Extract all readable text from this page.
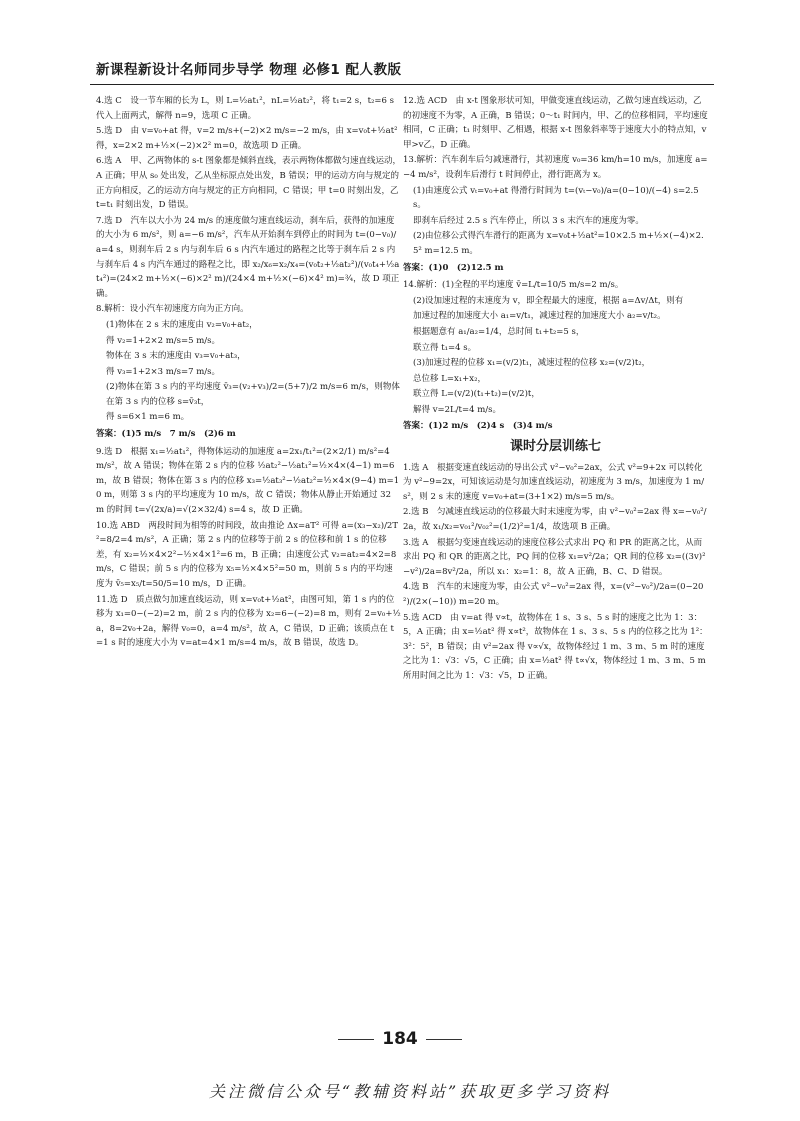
新课程新设计名师同步导学 物理 必修1 配人教版

4.选 C　设一节车厢的长为 L，则 L=½at₁²，nL=½at₂²，将 t₁=2 s，t₂=6 s 代入上面两式，解得 n=9，选项 C 正确。

5.选 D　由 v=v₀+at 得，v=2 m/s+(−2)×2 m/s=−2 m/s，由 x=v₀t+½at² 得，x=2×2 m+½×(−2)×2² m=0，故选项 D 正确。

6.选 A　甲、乙两物体的 s-t 图象都是倾斜直线，表示两物体都做匀速直线运动，A 正确；甲从 s₀ 处出发，乙从坐标原点处出发，B 错误；甲的运动方向与规定的正方向相反，乙的运动方向与规定的正方向相同，C 错误；甲 t=0 时刻出发，乙 t=t₁ 时刻出发，D 错误。

7.选 D　汽车以大小为 24 m/s 的速度做匀速直线运动，刹车后，获得的加速度的大小为 6 m/s²，则 a=−6 m/s²，汽车从开始刹车到停止的时间为 t=(0−v₀)/a=4 s，则刹车后 2 s 内与刹车后 6 s 内汽车通过的路程之比等于刹车后 2 s 内与刹车后 4 s 内汽车通过的路程之比，即 x₂/x₆=x₂/x₄=(v₀t₂+½at₂²)/(v₀t₄+½at₄²)=(24×2 m+½×(−6)×2² m)/(24×4 m+½×(−6)×4² m)=¾，故 D 项正确。

8.解析：设小汽车初速度方向为正方向。

(1)物体在 2 s 末的速度由 v₂=v₀+at₂，

得 v₂=1+2×2 m/s=5 m/s。

物体在 3 s 末的速度由 v₃=v₀+at₃，

得 v₃=1+2×3 m/s=7 m/s。

(2)物体在第 3 s 内的平均速度 v̄₃=(v₂+v₃)/2=(5+7)/2 m/s=6 m/s，则物体在第 3 s 内的位移 s=v̄₃t，

得 s=6×1 m=6 m。

答案：(1)5 m/s　7 m/s　(2)6 m

9.选 D　根据 x₁=½at₁²，得物体运动的加速度 a=2x₁/t₁²=(2×2/1) m/s²=4 m/s²，故 A 错误；物体在第 2 s 内的位移 ½at₂²−½at₁²=½×4×(4−1) m=6 m，故 B 错误；物体在第 3 s 内的位移 x₃=½at₃²−½at₂²=½×4×(9−4) m=10 m，则第 3 s 内的平均速度为 10 m/s，故 C 错误；物体从静止开始通过 32 m 的时间 t=√(2x/a)=√(2×32/4) s=4 s，故 D 正确。

10.选 ABD　两段时间为相等的时间段，故由推论 Δx=aT² 可得 a=(x₃−x₂)/2T²=8/2=4 m/s²，A 正确；第 2 s 内的位移等于前 2 s 的位移和前 1 s 的位移差，有 x₂=½×4×2²−½×4×1²=6 m，B 正确；由速度公式 v₂=at₂=4×2=8 m/s，C 错误；前 5 s 内的位移为 x₅=½×4×5²=50 m，则前 5 s 内的平均速度为 v̄₅=x₅/t=50/5=10 m/s，D 正确。

11.选 D　质点做匀加速直线运动，则 x=v₀t+½at²，由图可知，第 1 s 内的位移为 x₁=0−(−2)=2 m，前 2 s 内的位移为 x₂=6−(−2)=8 m，则有 2=v₀+½a，8=2v₀+2a，解得 v₀=0，a=4 m/s²，故 A，C 错误，D 正确；该质点在 t=1 s 时的速度大小为 v=at=4×1 m/s=4 m/s，故 B 错误，故选 D。

12.选 ACD　由 x-t 图象形状可知，甲做变速直线运动，乙做匀速直线运动，乙的初速度不为零，A 正确，B 错误；0～t₁ 时间内，甲、乙的位移相同，平均速度相同，C 正确；t₁ 时刻甲、乙相遇，根据 x-t 图象斜率等于速度大小的特点知，v甲>v乙，D 正确。

13.解析：汽车刹车后匀减速滑行，其初速度 v₀=36 km/h=10 m/s，加速度 a=−4 m/s²，设刹车后滑行 t 时间停止，滑行距离为 x。

(1)由速度公式 vₜ=v₀+at 得滑行时间为 t=(vₜ−v₀)/a=(0−10)/(−4) s=2.5 s。

即刹车后经过 2.5 s 汽车停止，所以 3 s 末汽车的速度为零。

(2)由位移公式得汽车滑行的距离为 x=v₀t+½at²=10×2.5 m+½×(−4)×2.5² m=12.5 m。

答案：(1)0　(2)12.5 m

14.解析：(1)全程的平均速度 v̄=L/t=10/5 m/s=2 m/s。

(2)设加速过程的末速度为 v，即全程最大的速度，根据 a=Δv/Δt，则有

加速过程的加速度大小 a₁=v/t₁，减速过程的加速度大小 a₂=v/t₂。

根据题意有 a₁/a₂=1/4，总时间 t₁+t₂=5 s，

联立得 t₁=4 s。

(3)加速过程的位移 x₁=(v/2)t₁，减速过程的位移 x₂=(v/2)t₂，

总位移 L=x₁+x₂，

联立得 L=(v/2)(t₁+t₂)=(v/2)t，

解得 v=2L/t=4 m/s。

答案：(1)2 m/s　(2)4 s　(3)4 m/s

课时分层训练七

1.选 A　根据变速直线运动的导出公式 v²−v₀²=2ax，公式 v²=9+2x 可以转化为 v²−9=2x，可知该运动是匀加速直线运动，初速度为 3 m/s，加速度为 1 m/s²，则 2 s 末的速度 v=v₀+at=(3+1×2) m/s=5 m/s。

2.选 B　匀减速直线运动的位移最大时末速度为零，由 v²−v₀²=2ax 得 x=−v₀²/2a，故 x₁/x₂=v₀₁²/v₀₂²=(1/2)²=1/4，故选项 B 正确。

3.选 A　根据匀变速直线运动的速度位移公式求出 PQ 和 PR 的距离之比，从而求出 PQ 和 QR 的距离之比，PQ 间的位移 x₁=v²/2a；QR 间的位移 x₂=((3v)²−v²)/2a=8v²/2a，所以 x₁：x₂=1：8，故 A 正确，B、C、D 错误。

4.选 B　汽车的末速度为零，由公式 v²−v₀²=2ax 得，x=(v²−v₀²)/2a=(0−20²)/(2×(−10)) m=20 m。

5.选 ACD　由 v=at 得 v∝t，故物体在 1 s、3 s、5 s 时的速度之比为 1：3：5，A 正确；由 x=½at² 得 x∝t²，故物体在 1 s、3 s、5 s 内的位移之比为 1²：3²：5²，B 错误；由 v²=2ax 得 v∝√x，故物体经过 1 m、3 m、5 m 时的速度之比为 1：√3：√5，C 正确；由 x=½at² 得 t∝√x，物体经过 1 m、3 m、5 m 所用时间之比为 1：√3：√5，D 正确。

184
关注微信公众号“教辅资料站”获取更多学习资料
